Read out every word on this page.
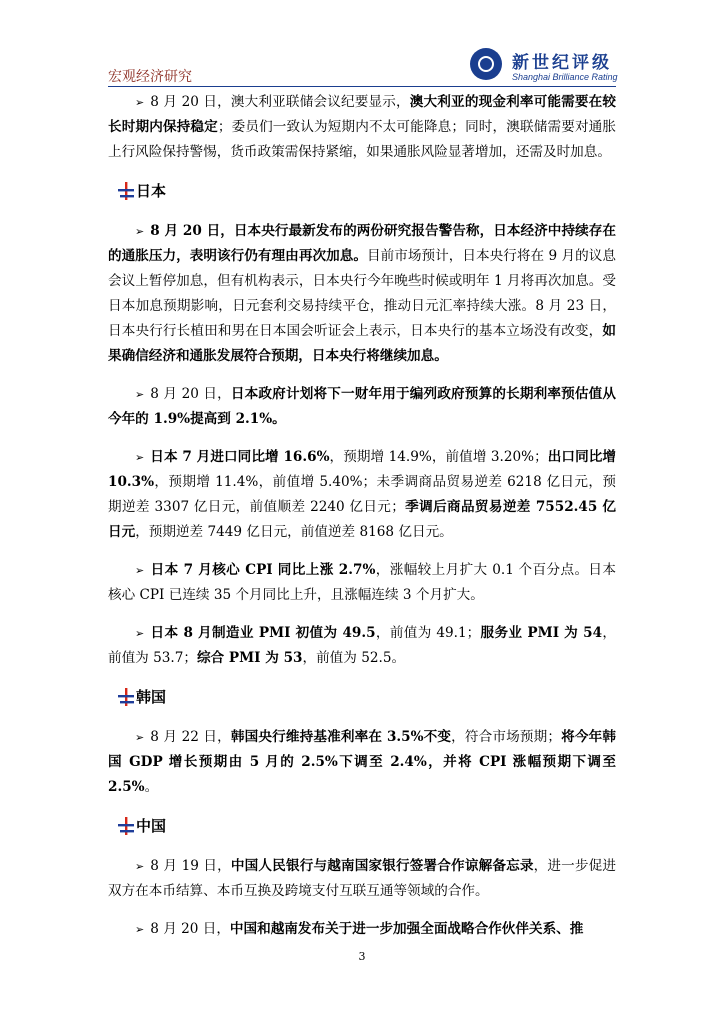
宏观经济研究
新世纪评级
Shanghai Brilliance Rating

➢ 8 月 20 日，澳大利亚联储会议纪要显示，澳大利亚的现金利率可能需要在较长时期内保持稳定；委员们一致认为短期内不太可能降息；同时，澳联储需要对通胀上行风险保持警惕，货币政策需保持紧缩，如果通胀风险显著增加，还需及时加息。

日本

➢ 8 月 20 日，日本央行最新发布的两份研究报告警告称，日本经济中持续存在的通胀压力，表明该行仍有理由再次加息。目前市场预计，日本央行将在 9 月的议息会议上暂停加息，但有机构表示，日本央行今年晚些时候或明年 1 月将再次加息。受日本加息预期影响，日元套利交易持续平仓，推动日元汇率持续大涨。8 月 23 日，日本央行行长植田和男在日本国会听证会上表示，日本央行的基本立场没有改变，如果确信经济和通胀发展符合预期，日本央行将继续加息。

➢ 8 月 20 日，日本政府计划将下一财年用于编列政府预算的长期利率预估值从今年的 1.9%提高到 2.1%。

➢ 日本 7 月进口同比增 16.6%，预期增 14.9%，前值增 3.20%；出口同比增 10.3%，预期增 11.4%，前值增 5.40%；未季调商品贸易逆差 6218 亿日元，预期逆差 3307 亿日元，前值顺差 2240 亿日元；季调后商品贸易逆差 7552.45 亿日元，预期逆差 7449 亿日元，前值逆差 8168 亿日元。

➢ 日本 7 月核心 CPI 同比上涨 2.7%，涨幅较上月扩大 0.1 个百分点。日本核心 CPI 已连续 35 个月同比上升，且涨幅连续 3 个月扩大。

➢ 日本 8 月制造业 PMI 初值为 49.5，前值为 49.1；服务业 PMI 为 54，前值为 53.7；综合 PMI 为 53，前值为 52.5。

韩国

➢ 8 月 22 日，韩国央行维持基准利率在 3.5%不变，符合市场预期；将今年韩国 GDP 增长预期由 5 月的 2.5%下调至 2.4%，并将 CPI 涨幅预期下调至 2.5%。

中国

➢ 8 月 19 日，中国人民银行与越南国家银行签署合作谅解备忘录，进一步促进双方在本币结算、本币互换及跨境支付互联互通等领域的合作。

➢ 8 月 20 日，中国和越南发布关于进一步加强全面战略合作伙伴关系、推

3
